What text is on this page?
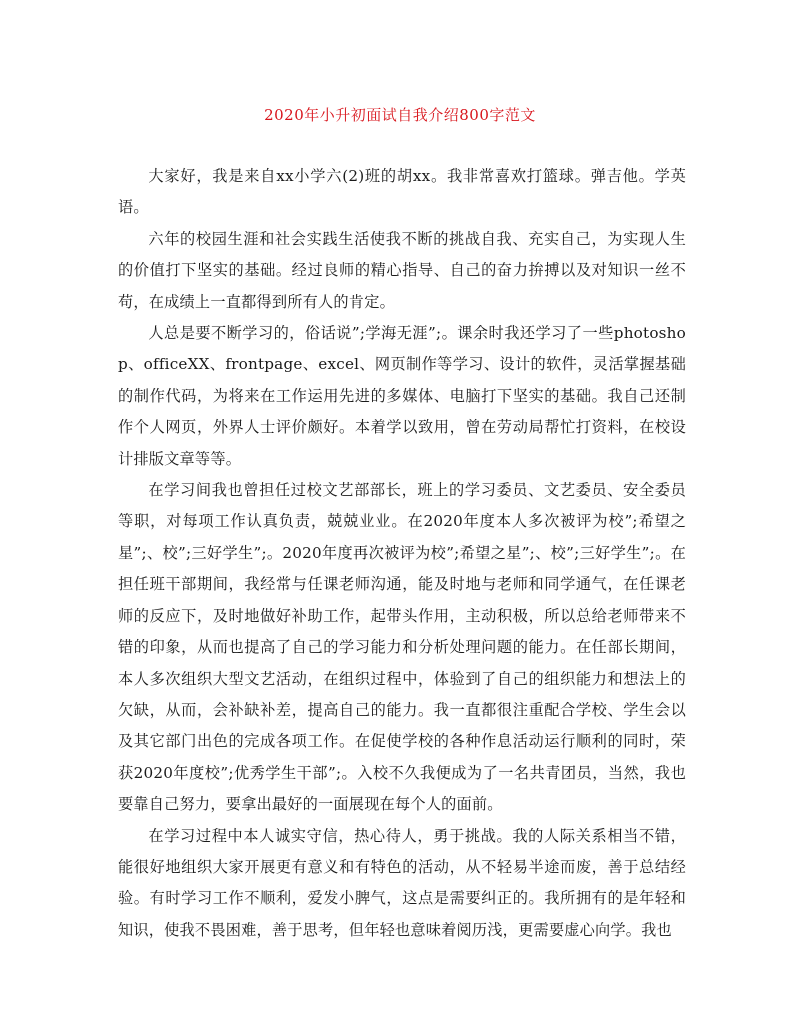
2020年小升初面试自我介绍800字范文

大家好，我是来自xx小学六(2)班的胡xx。我非常喜欢打篮球。弹吉他。学英语。

六年的校园生涯和社会实践生活使我不断的挑战自我、充实自己，为实现人生的价值打下坚实的基础。经过良师的精心指导、自己的奋力拚搏以及对知识一丝不苟，在成绩上一直都得到所有人的肯定。

人总是要不断学习的，俗话说”;学海无涯”;。课余时我还学习了一些photoshop、officeXX、frontpage、excel、网页制作等学习、设计的软件，灵活掌握基础的制作代码，为将来在工作运用先进的多媒体、电脑打下坚实的基础。我自己还制作个人网页，外界人士评价颇好。本着学以致用，曾在劳动局帮忙打资料，在校设计排版文章等等。

在学习间我也曾担任过校文艺部部长，班上的学习委员、文艺委员、安全委员等职，对每项工作认真负责，兢兢业业。在2020年度本人多次被评为校”;希望之星”;、校”;三好学生”;。2020年度再次被评为校”;希望之星”;、校”;三好学生”;。在担任班干部期间，我经常与任课老师沟通，能及时地与老师和同学通气，在任课老师的反应下，及时地做好补助工作，起带头作用，主动积极，所以总给老师带来不错的印象，从而也提高了自己的学习能力和分析处理问题的能力。在任部长期间，本人多次组织大型文艺活动，在组织过程中，体验到了自己的组织能力和想法上的欠缺，从而，会补缺补差，提高自己的能力。我一直都很注重配合学校、学生会以及其它部门出色的完成各项工作。在促使学校的各种作息活动运行顺利的同时，荣获2020年度校”;优秀学生干部”;。入校不久我便成为了一名共青团员，当然，我也要靠自己努力，要拿出最好的一面展现在每个人的面前。

在学习过程中本人诚实守信，热心待人，勇于挑战。我的人际关系相当不错，能很好地组织大家开展更有意义和有特色的活动，从不轻易半途而废，善于总结经验。有时学习工作不顺利，爱发小脾气，这点是需要纠正的。我所拥有的是年轻和知识，使我不畏困难，善于思考，但年轻也意味着阅历浅，更需要虚心向学。我也
